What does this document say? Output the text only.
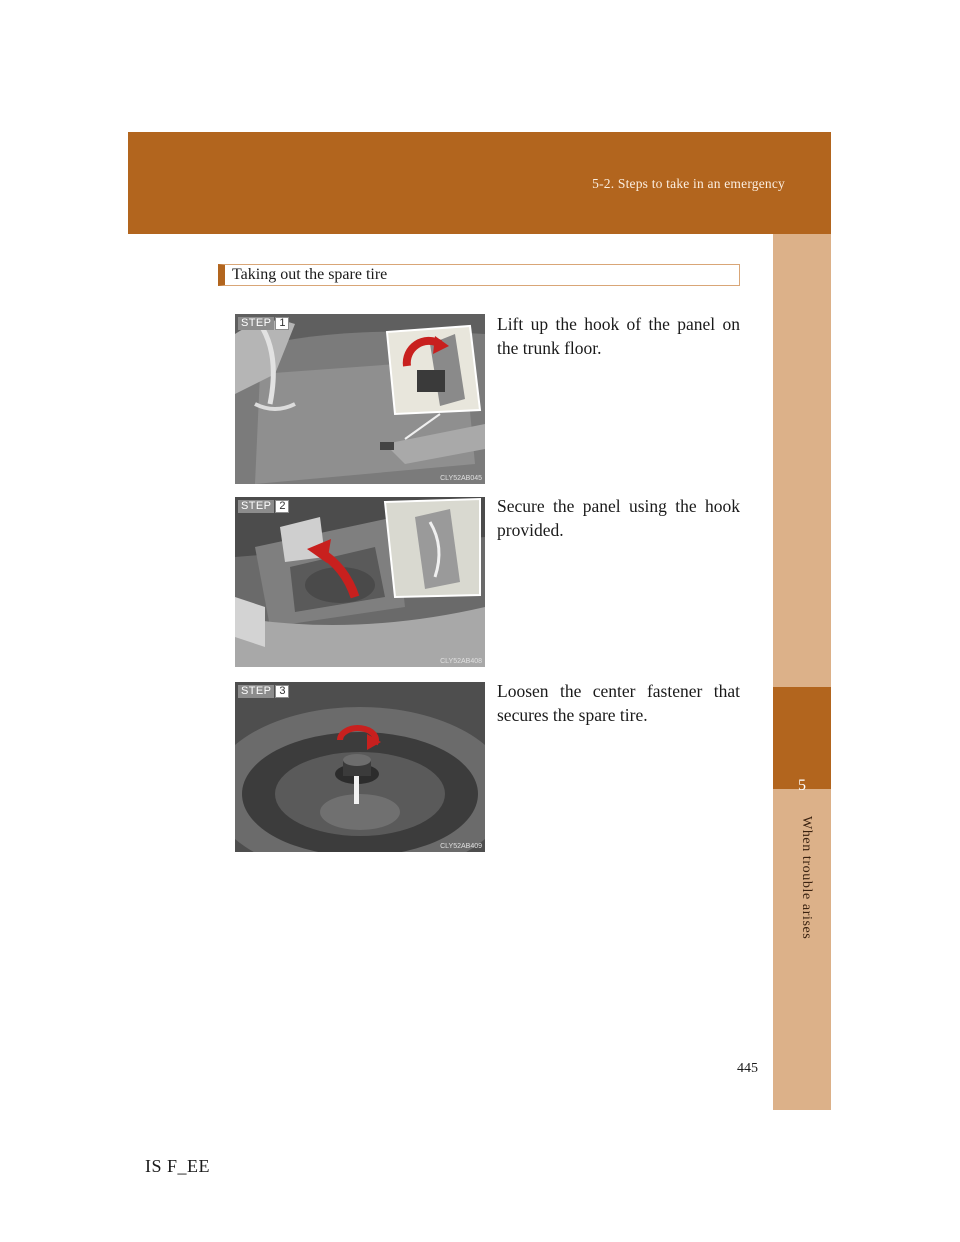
5-2. Steps to take in an emergency
5
When trouble arises
Taking out the spare tire
STEP 1
CLY52AB045
Lift up the hook of the panel on the trunk floor.
STEP 2
CLY52AB408
Secure the panel using the hook provided.
STEP 3
CLY52AB409
Loosen the center fastener that secures the spare tire.
445
IS F_EE
